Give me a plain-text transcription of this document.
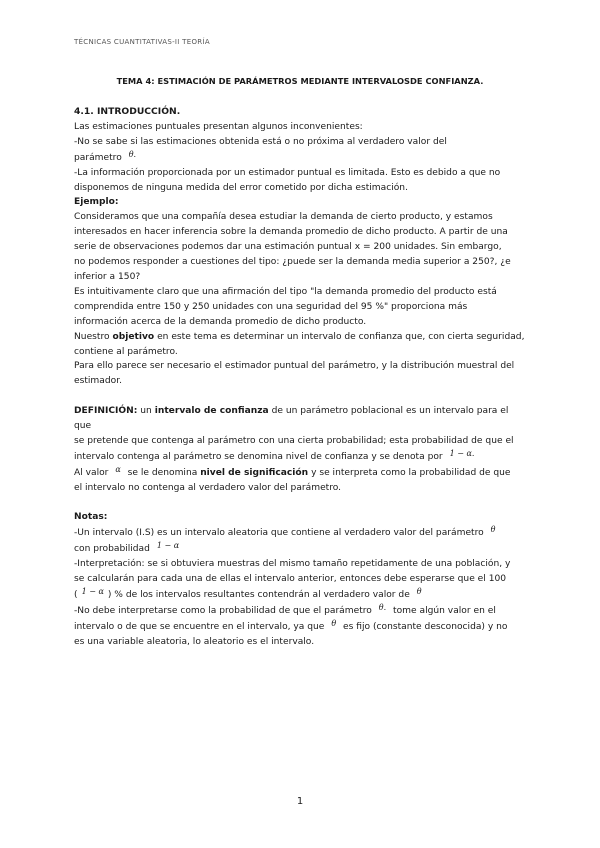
TÉCNICAS CUANTITATIVAS-II TEORÍA
TEMA 4: ESTIMACIÓN DE PARÁMETROS MEDIANTE INTERVALOSDE CONFIANZA.

4.1. INTRODUCCIÓN.

Las estimaciones puntuales presentan algunos inconvenientes:

-No se sabe si las estimaciones obtenida está o no próxima al verdadero valor del

parámetro θ.

-La información proporcionada por un estimador puntual es limitada. Esto es debido a que no

disponemos de ninguna medida del error cometido por dicha estimación.

Ejemplo:

Consideramos que una compañía desea estudiar la demanda de cierto producto, y estamos

interesados en hacer inferencia sobre la demanda promedio de dicho producto. A partir de una

serie de observaciones podemos dar una estimación puntual x = 200 unidades. Sin embargo,

no podemos responder a cuestiones del tipo: ¿puede ser la demanda media superior a 250?, ¿e

inferior a 150?

Es intuitivamente claro que una afirmación del tipo "la demanda promedio del producto está

comprendida entre 150 y 250 unidades con una seguridad del 95 %" proporciona más

información acerca de la demanda promedio de dicho producto.

Nuestro objetivo en este tema es determinar un intervalo de confianza que, con cierta seguridad,

contiene al parámetro.

Para ello parece ser necesario el estimador puntual del parámetro, y la distribución muestral del

estimador.

DEFINICIÓN: un intervalo de confianza de un parámetro poblacional es un intervalo para el que

se pretende que contenga al parámetro con una cierta probabilidad; esta probabilidad de que el

intervalo contenga al parámetro se denomina nivel de confianza y se denota por 1 − α.

Al valor α se le denomina nivel de significación y se interpreta como la probabilidad de que

el intervalo no contenga al verdadero valor del parámetro.

Notas:

-Un intervalo (I.S) es un intervalo aleatoria que contiene al verdadero valor del parámetro θ

con probabilidad 1 − α

-Interpretación: se si obtuviera muestras del mismo tamaño repetidamente de una población, y

se calcularán para cada una de ellas el intervalo anterior, entonces debe esperarse que el 100

( 1 − α ) % de los intervalos resultantes contendrán al verdadero valor de θ

-No debe interpretarse como la probabilidad de que el parámetro θ. tome algún valor en el

intervalo o de que se encuentre en el intervalo, ya que θ es fijo (constante desconocida) y no

es una variable aleatoria, lo aleatorio es el intervalo.

1
